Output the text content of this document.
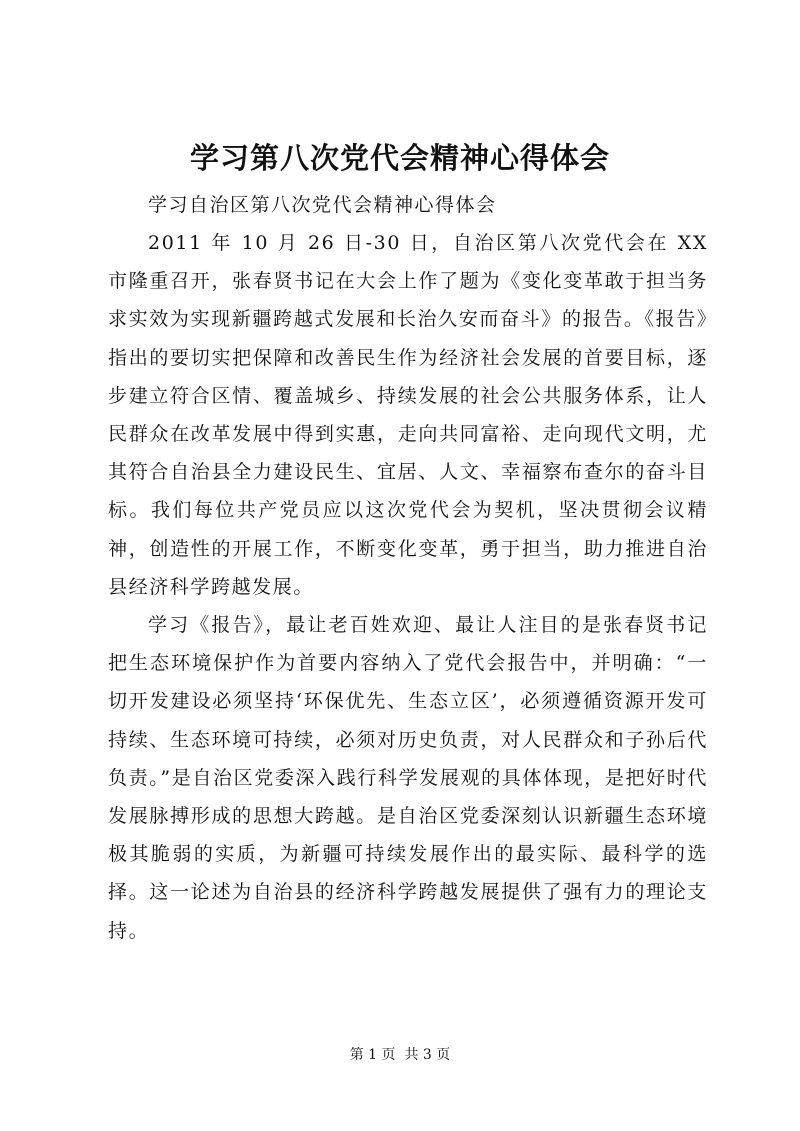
学习第八次党代会精神心得体会

学习自治区第八次党代会精神心得体会

2011 年 10 月 26 日-30 日，自治区第八次党代会在 XX 市隆重召开，张春贤书记在大会上作了题为《变化变革敢于担当务求实效为实现新疆跨越式发展和长治久安而奋斗》的报告。《报告》指出的要切实把保障和改善民生作为经济社会发展的首要目标，逐步建立符合区情、覆盖城乡、持续发展的社会公共服务体系，让人民群众在改革发展中得到实惠，走向共同富裕、走向现代文明，尤其符合自治县全力建设民生、宜居、人文、幸福察布查尔的奋斗目标。我们每位共产党员应以这次党代会为契机，坚决贯彻会议精神，创造性的开展工作，不断变化变革，勇于担当，助力推进自治县经济科学跨越发展。

学习《报告》，最让老百姓欢迎、最让人注目的是张春贤书记把生态环境保护作为首要内容纳入了党代会报告中，并明确：“一切开发建设必须坚持‘环保优先、生态立区’，必须遵循资源开发可持续、生态环境可持续，必须对历史负责，对人民群众和子孙后代负责。”是自治区党委深入践行科学发展观的具体体现，是把好时代发展脉搏形成的思想大跨越。是自治区党委深刻认识新疆生态环境极其脆弱的实质，为新疆可持续发展作出的最实际、最科学的选择。这一论述为自治县的经济科学跨越发展提供了强有力的理论支持。

第 1 页  共 3 页
